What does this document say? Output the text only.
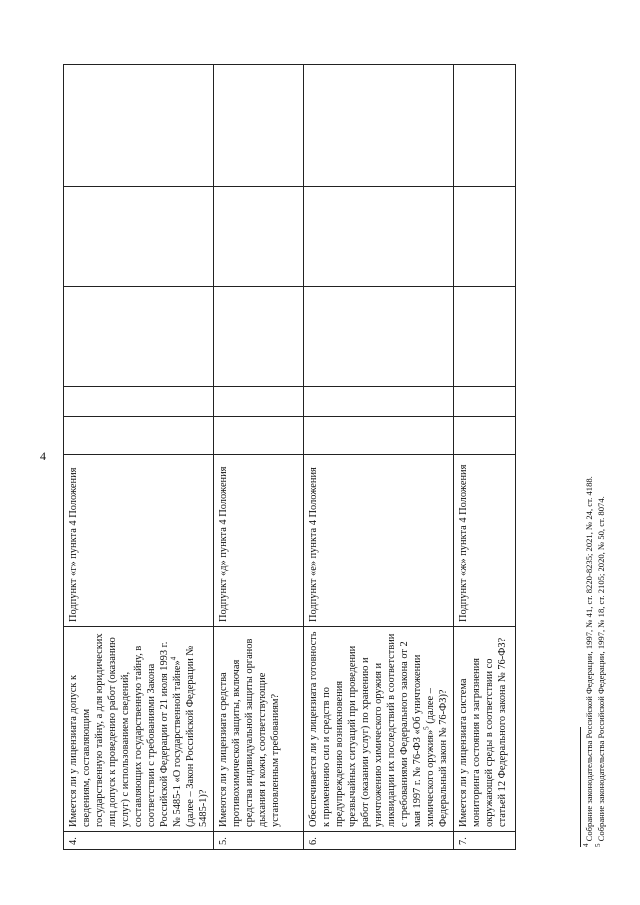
4
4.	Имеется ли у лицензиата допуск к сведениям, составляющим государственную тайну, а для юридических лиц допуск к проведению работ (оказанию услуг) с использованием сведений, составляющих государственную тайну, в соответствии с требованиями Закона Российской Федерации от 21 июля 1993 г. № 5485-1 «О государственной тайне»$^4$ (далее – Закон Российской Федерации № 5485-1)?	Подпункт «г» пункта 4 Положения					
5.	Имеются ли у лицензиата средства противохимической защиты, включая средства индивидуальной защиты органов дыхания и кожи, соответствующие установленным требованиям?	Подпункт «д» пункта 4 Положения					
6.	Обеспечивается ли у лицензиата готовность к применению сил и средств по предупреждению возникновения чрезвычайных ситуаций при проведении работ (оказании услуг) по хранению и уничтожению химического оружия и ликвидации их последствий в соответствии с требованиями Федерального закона от 2 мая 1997 г. № 76-ФЗ «Об уничтожении химического оружия»$^5$ (далее – Федеральный закон № 76-ФЗ)?	Подпункт «е» пункта 4 Положения					
7.	Имеется ли у лицензиата система мониторинга состояния и загрязнения окружающей среды в соответствии со статьей 12 Федерального закона № 76-ФЗ?	Подпункт «ж» пункта 4 Положения					
$^4$ Собрание законодательства Российской Федерации, 1997, № 41, ст. 8220-8235; 2021, № 24, ст. 4188.
$^5$ Собрание законодательства Российской Федерации, 1997, № 18, ст. 2105; 2020, № 50, ст. 8074.
